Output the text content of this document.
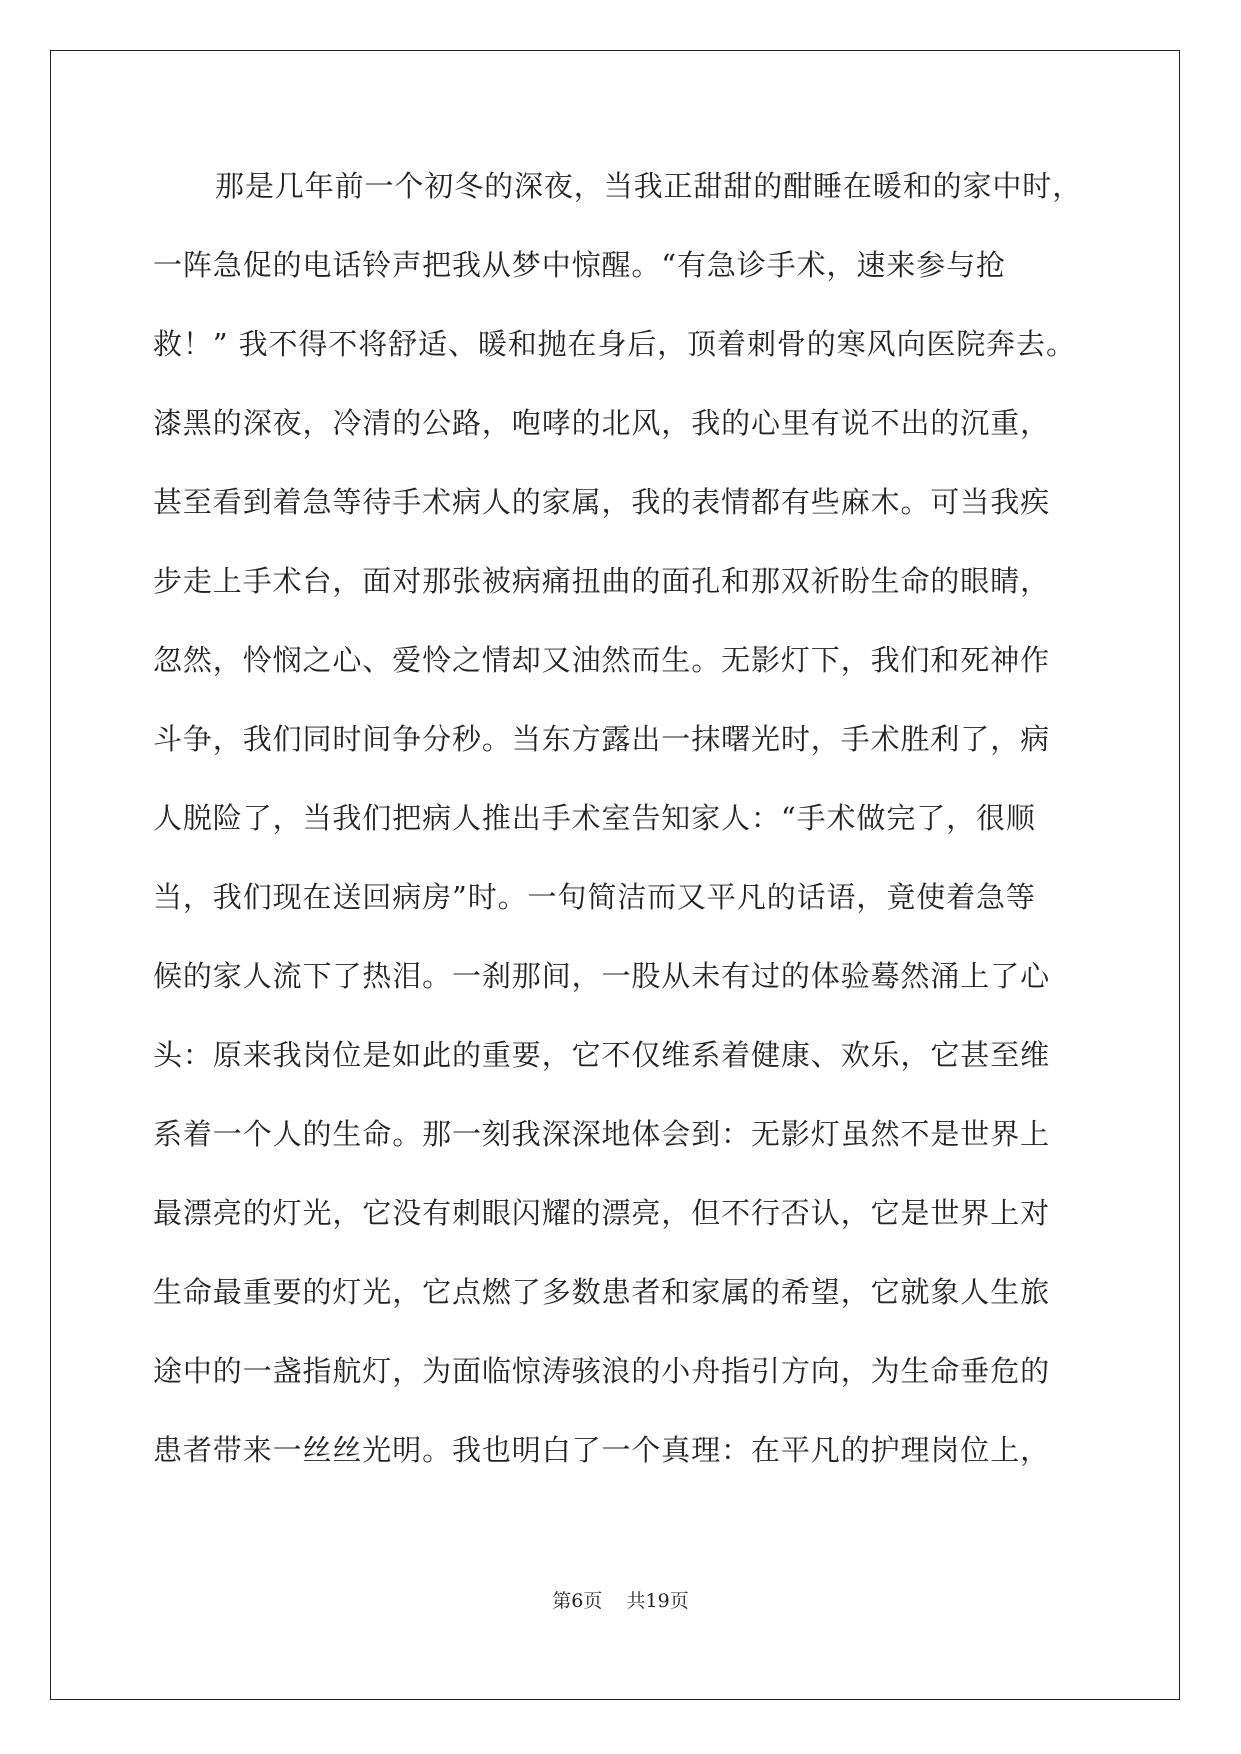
那是几年前一个初冬的深夜，当我正甜甜的酣睡在暖和的家中时，
一阵急促的电话铃声把我从梦中惊醒。“有急诊手术，速来参与抢
救！” 我不得不将舒适、暖和抛在身后，顶着刺骨的寒风向医院奔去。
漆黑的深夜，冷清的公路，咆哮的北风，我的心里有说不出的沉重，
甚至看到着急等待手术病人的家属，我的表情都有些麻木。可当我疾
步走上手术台，面对那张被病痛扭曲的面孔和那双祈盼生命的眼睛，
忽然，怜悯之心、爱怜之情却又油然而生。无影灯下，我们和死神作
斗争，我们同时间争分秒。当东方露出一抹曙光时，手术胜利了，病
人脱险了，当我们把病人推出手术室告知家人：“手术做完了，很顺
当，我们现在送回病房”时。一句简洁而又平凡的话语，竟使着急等
候的家人流下了热泪。一刹那间，一股从未有过的体验蓦然涌上了心
头：原来我岗位是如此的重要，它不仅维系着健康、欢乐，它甚至维
系着一个人的生命。那一刻我深深地体会到：无影灯虽然不是世界上
最漂亮的灯光，它没有刺眼闪耀的漂亮，但不行否认，它是世界上对
生命最重要的灯光，它点燃了多数患者和家属的希望，它就象人生旅
途中的一盏指航灯，为面临惊涛骇浪的小舟指引方向，为生命垂危的
患者带来一丝丝光明。我也明白了一个真理：在平凡的护理岗位上，
第6页    共19页
